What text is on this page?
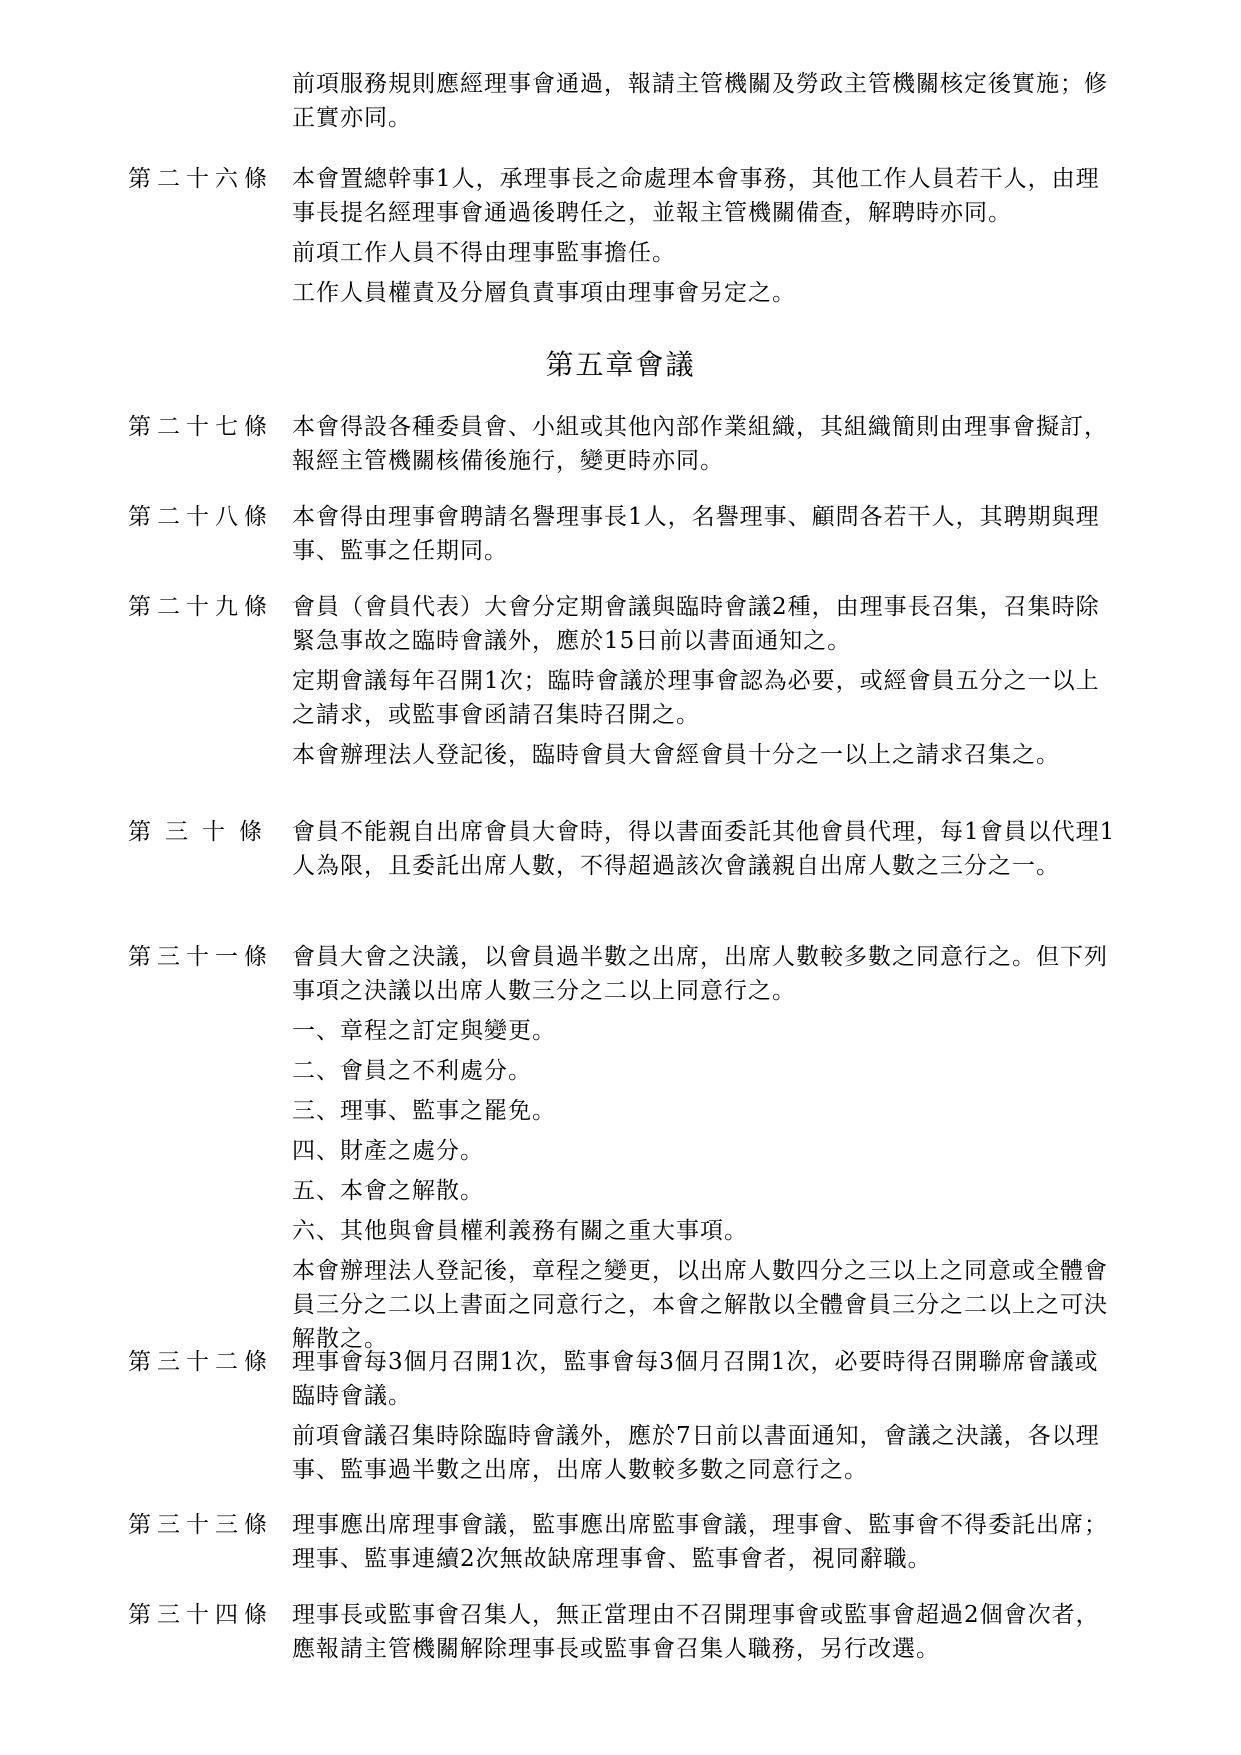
前項服務規則應經理事會通過，報請主管機關及勞政主管機關核定後實施；修正實亦同。

第二十六條 本會置總幹事1人，承理事長之命處理本會事務，其他工作人員若干人，由理事長提名經理事會通過後聘任之，並報主管機關備查，解聘時亦同。

前項工作人員不得由理事監事擔任。

工作人員權責及分層負責事項由理事會另定之。

第五章會議
第二十七條 本會得設各種委員會、小組或其他內部作業組織，其組織簡則由理事會擬訂，報經主管機關核備後施行，變更時亦同。

第二十八條 本會得由理事會聘請名譽理事長1人，名譽理事、顧問各若干人，其聘期與理事、監事之任期同。

第二十九條 會員（會員代表）大會分定期會議與臨時會議2種，由理事長召集，召集時除緊急事故之臨時會議外，應於15日前以書面通知之。

定期會議每年召開1次；臨時會議於理事會認為必要，或經會員五分之一以上之請求，或監事會函請召集時召開之。

本會辦理法人登記後，臨時會員大會經會員十分之一以上之請求召集之。

第三十條 會員不能親自出席會員大會時，得以書面委託其他會員代理，每1會員以代理1人為限，且委託出席人數，不得超過該次會議親自出席人數之三分之一。

第三十一條 會員大會之決議，以會員過半數之出席，出席人數較多數之同意行之。但下列事項之決議以出席人數三分之二以上同意行之。

一、章程之訂定與變更。

二、會員之不利處分。

三、理事、監事之罷免。

四、財產之處分。

五、本會之解散。

六、其他與會員權利義務有關之重大事項。

本會辦理法人登記後，章程之變更，以出席人數四分之三以上之同意或全體會員三分之二以上書面之同意行之，本會之解散以全體會員三分之二以上之可決解散之。

第三十二條 理事會每3個月召開1次，監事會每3個月召開1次，必要時得召開聯席會議或臨時會議。

前項會議召集時除臨時會議外，應於7日前以書面通知，會議之決議，各以理事、監事過半數之出席，出席人數較多數之同意行之。

第三十三條 理事應出席理事會議，監事應出席監事會議，理事會、監事會不得委託出席；理事、監事連續2次無故缺席理事會、監事會者，視同辭職。

第三十四條 理事長或監事會召集人，無正當理由不召開理事會或監事會超過2個會次者，應報請主管機關解除理事長或監事會召集人職務，另行改選。
